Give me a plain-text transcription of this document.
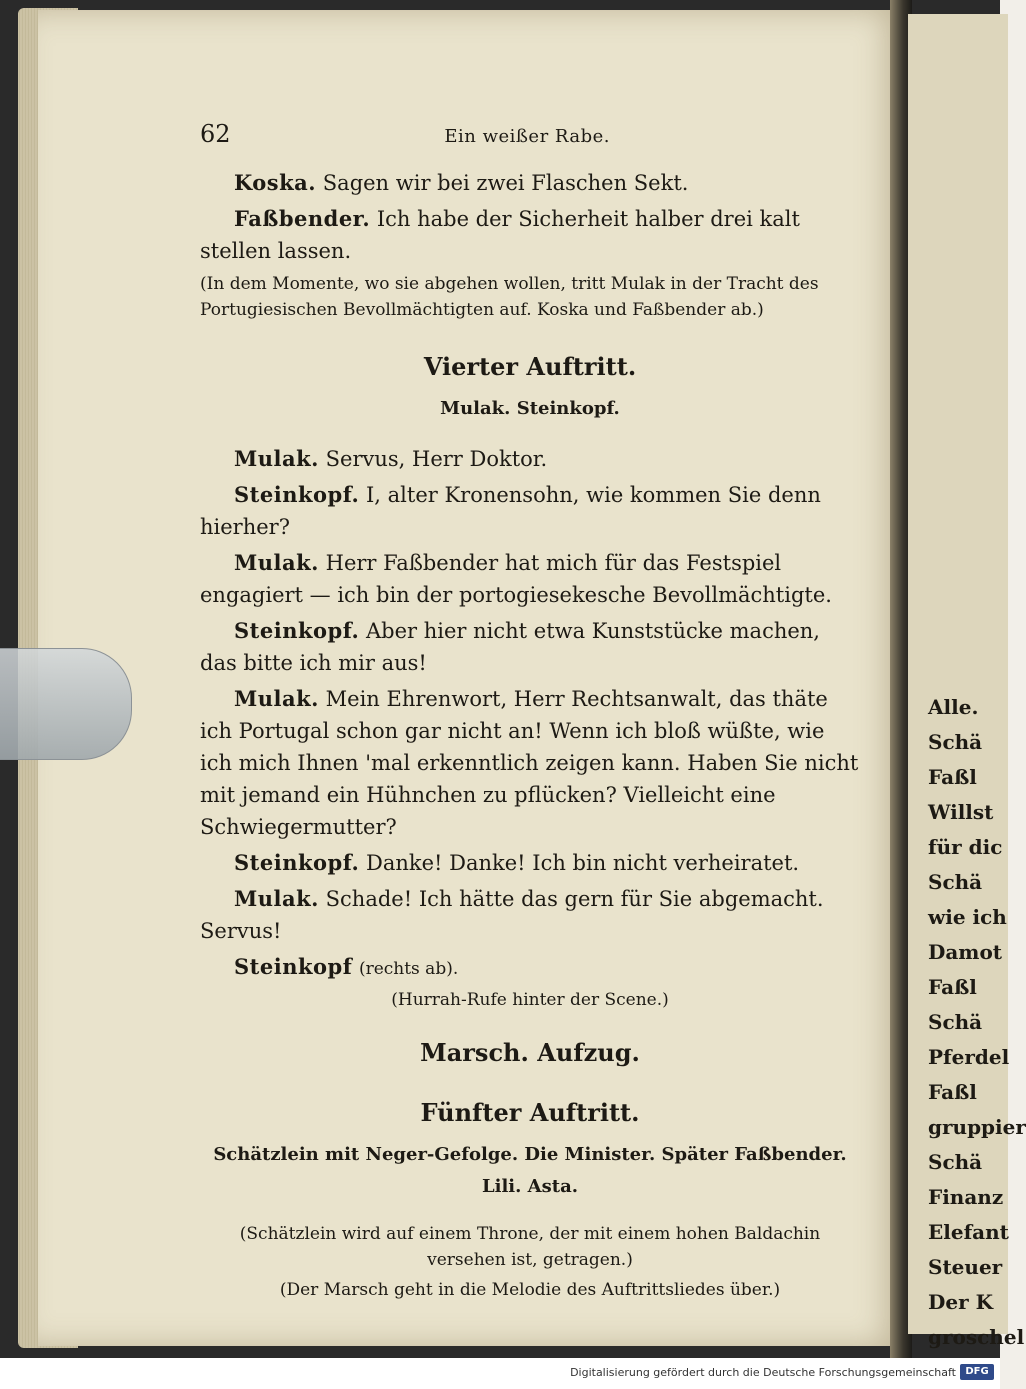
62	Ein weißer Rabe.

Koska. Sagen wir bei zwei Flaschen Sekt.

Faßbender. Ich habe der Sicherheit halber drei kalt stellen lassen.

(In dem Momente, wo sie abgehen wollen, tritt Mulak in der Tracht des Portugiesischen Bevollmächtigten auf. Koska und Faßbender ab.)

Vierter Auftritt.
Mulak. Steinkopf.

Mulak. Servus, Herr Doktor.

Steinkopf. I, alter Kronensohn, wie kommen Sie denn hierher?

Mulak. Herr Faßbender hat mich für das Festspiel engagiert — ich bin der portogiesekesche Bevollmächtigte.

Steinkopf. Aber hier nicht etwa Kunststücke machen, das bitte ich mir aus!

Mulak. Mein Ehrenwort, Herr Rechtsanwalt, das thäte ich Portugal schon gar nicht an! Wenn ich bloß wüßte, wie ich mich Ihnen 'mal erkenntlich zeigen kann. Haben Sie nicht mit jemand ein Hühnchen zu pflücken? Vielleicht eine Schwiegermutter?

Steinkopf. Danke! Danke! Ich bin nicht verheiratet.

Mulak. Schade! Ich hätte das gern für Sie abgemacht. Servus!

Steinkopf (rechts ab).

(Hurrah-Rufe hinter der Scene.)

Marsch. Aufzug.
Fünfter Auftritt.
Schätzlein mit Neger-Gefolge. Die Minister. Später Faßbender. Lili. Asta.

(Schätzlein wird auf einem Throne, der mit einem hohen Baldachin versehen ist, getragen.)

(Der Marsch geht in die Melodie des Auftrittsliedes über.)

Alle.
Schä
Faßl
Willst
für dic
Schä
wie ich
Damot
Faßl
Schä
Pferdel
Faßl
gruppier
Schä
Finanz
Elefant
Steuer
Der K
groschel
Digitalisierung gefördert durch die Deutsche Forschungsgemeinschaft DFG
